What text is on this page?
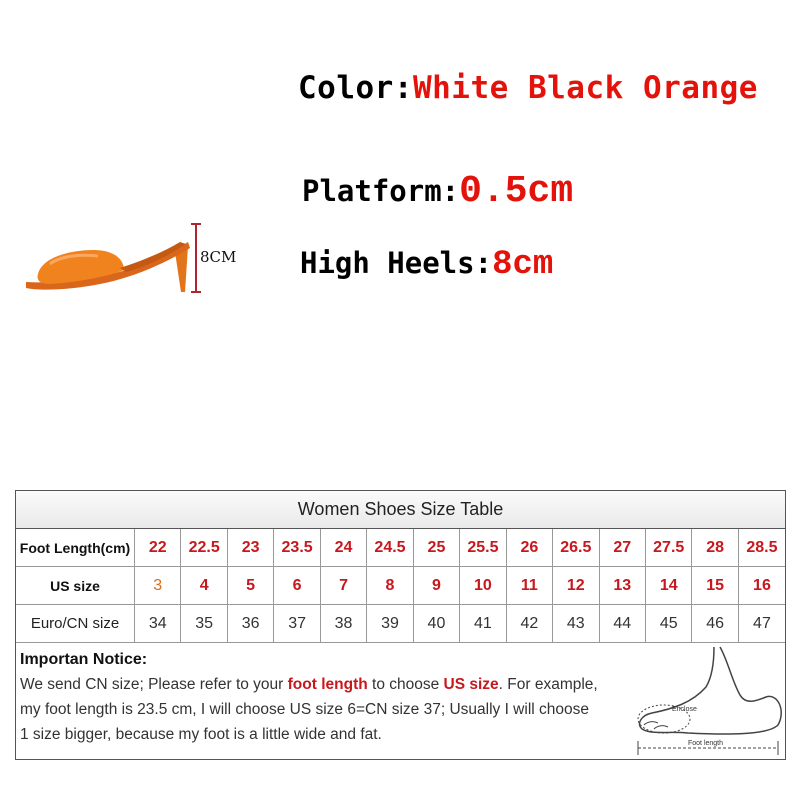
Color:White Black Orange
Platform:0.5cm
High Heels:8cm
8CM
Women Shoes Size Table
Foot Length(cm)	22	22.5	23	23.5	24	24.5	25	25.5	26	26.5	27	27.5	28	28.5
US size	3	4	5	6	7	8	9	10	11	12	13	14	15	16
Euro/CN size	34	35	36	37	38	39	40	41	42	43	44	45	46	47
Importan Notice:
We send CN size; Please refer to your foot length to choose US size. For example,
my foot length is 23.5 cm, I will choose US size 6=CN size 37; Usually I will choose
1 size bigger, because my foot is a little wide and fat.
Enclose
Foot length
